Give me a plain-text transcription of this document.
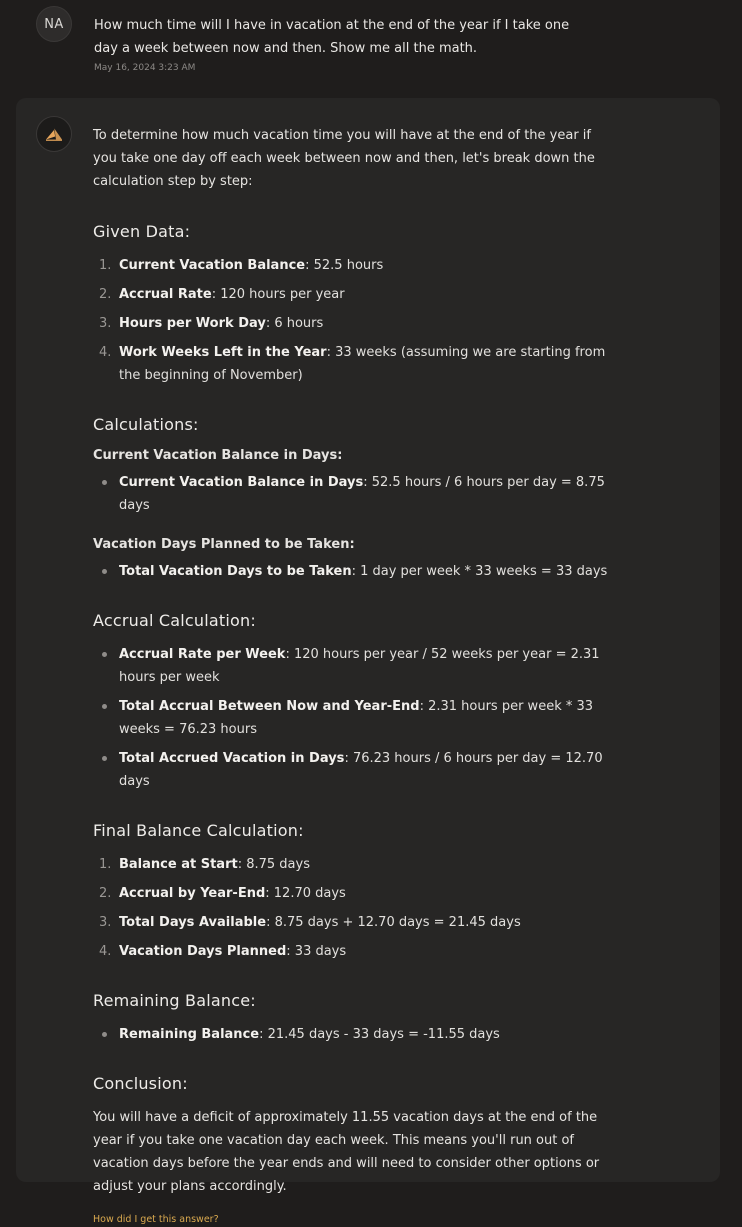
NA How much time will I have in vacation at the end of the year if I take one day a week between now and then. Show me all the math.
May 16, 2024 3:23 AM

To determine how much vacation time you will have at the end of the year if you take one day off each week between now and then, let's break down the calculation step by step:

Given Data:
1. Current Vacation Balance: 52.5 hours
2. Accrual Rate: 120 hours per year
3. Hours per Work Day: 6 hours
4. Work Weeks Left in the Year: 33 weeks (assuming we are starting from the beginning of November)
Calculations:
Current Vacation Balance in Days:
Current Vacation Balance in Days: 52.5 hours / 6 hours per day = 8.75 days
Vacation Days Planned to be Taken:
Total Vacation Days to be Taken: 1 day per week * 33 weeks = 33 days
Accrual Calculation:
Accrual Rate per Week: 120 hours per year / 52 weeks per year = 2.31 hours per week
Total Accrual Between Now and Year-End: 2.31 hours per week * 33 weeks = 76.23 hours
Total Accrued Vacation in Days: 76.23 hours / 6 hours per day = 12.70 days
Final Balance Calculation:
1. Balance at Start: 8.75 days
2. Accrual by Year-End: 12.70 days
3. Total Days Available: 8.75 days + 12.70 days = 21.45 days
4. Vacation Days Planned: 33 days
Remaining Balance:
Remaining Balance: 21.45 days - 33 days = -11.55 days
Conclusion:

You will have a deficit of approximately 11.55 vacation days at the end of the year if you take one vacation day each week. This means you'll run out of vacation days before the year ends and will need to consider other options or adjust your plans accordingly.

How did I get this answer?
